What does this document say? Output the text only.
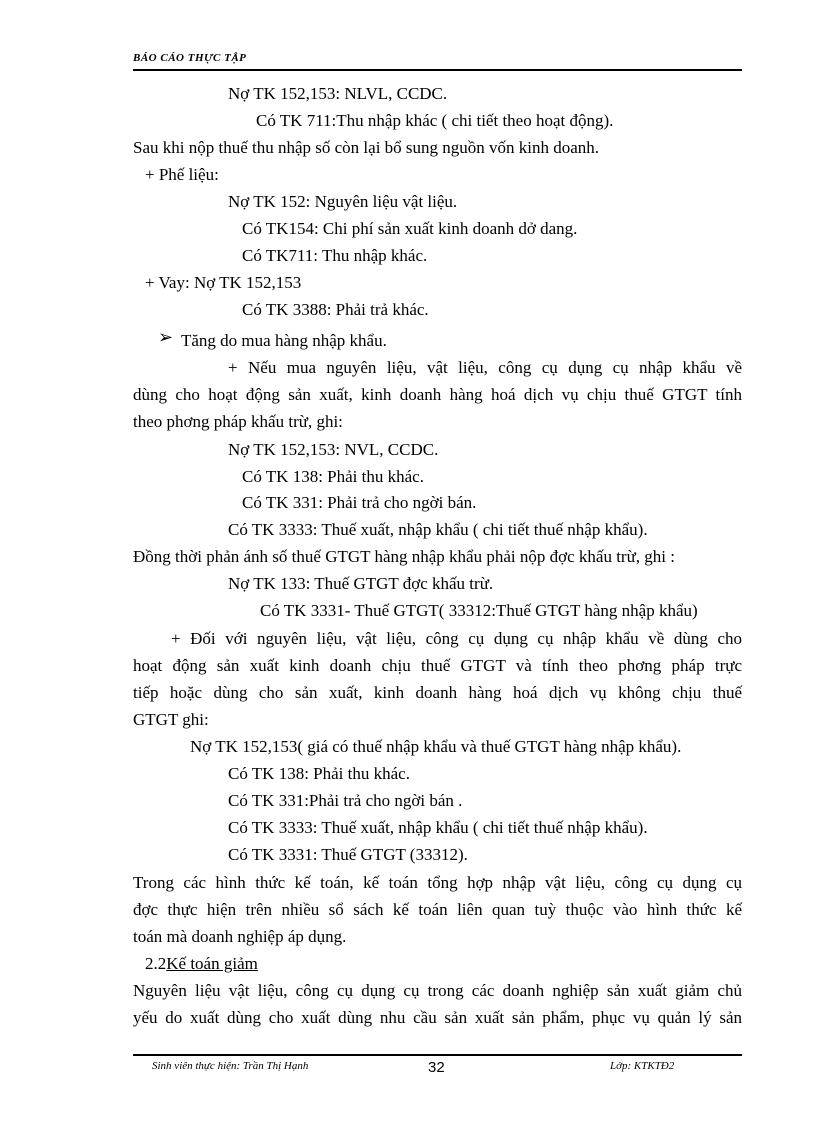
BÁO CÁO THỰC TẬP
Nợ TK 152,153: NLVL, CCDC.
Có TK 711:Thu nhập khác ( chi tiết theo hoạt động).
Sau khi nộp thuế thu nhập số còn lại bổ sung nguồn vốn kinh doanh.
+ Phế liệu:
Nợ TK 152: Nguyên liệu vật liệu.
Có TK154: Chi phí sản xuất kinh doanh dở dang.
Có TK711: Thu nhập khác.
+ Vay: Nợ TK 152,153
Có TK 3388: Phải trả khác.
➢ Tăng do mua hàng nhập khẩu.
+ Nếu mua nguyên liệu, vật liệu, công cụ dụng cụ nhập khẩu về
dùng cho hoạt động sản xuất, kinh doanh hàng hoá dịch vụ chịu thuế GTGT tính
theo phơng pháp khấu trừ, ghi:
Nợ TK 152,153: NVL, CCDC.
Có TK 138: Phải thu khác.
Có TK 331: Phải trả cho ngời bán.
Có TK 3333: Thuế xuất, nhập khẩu ( chi tiết thuế nhập khẩu).
Đồng thời phản ánh số thuế GTGT hàng nhập khẩu phải nộp đợc khấu trừ, ghi :
Nợ TK 133: Thuế GTGT đợc khấu trừ.
Có TK 3331- Thuế GTGT( 33312:Thuế GTGT hàng nhập khẩu)
+ Đối với nguyên liệu, vật liệu, công cụ dụng cụ nhập khẩu về dùng cho
hoạt động sản xuất kinh doanh chịu thuế GTGT và tính theo phơng pháp trực
tiếp hoặc dùng cho sản xuất, kinh doanh hàng hoá dịch vụ không chịu thuế
GTGT ghi:
Nợ TK 152,153( giá có thuế nhập khẩu và thuế GTGT hàng nhập khẩu).
Có TK 138: Phải thu khác.
Có TK 331:Phải trả cho ngời bán .
Có TK 3333: Thuế xuất, nhập khẩu ( chi tiết thuế nhập khẩu).
Có TK 3331: Thuế GTGT (33312).
Trong các hình thức kế toán, kế toán tổng hợp nhập vật liệu, công cụ dụng cụ
đợc thực hiện trên nhiều sổ sách kế toán liên quan tuỳ thuộc vào hình thức kế
toán mà doanh nghiệp áp dụng.
2.2Kế toán giảm
Nguyên liệu vật liệu, công cụ dụng cụ trong các doanh nghiệp sản xuất giảm chủ
yếu do xuất dùng cho xuất dùng nhu cầu sản xuất sản phẩm, phục vụ quản lý sản
Sinh viên thực hiện: Trần Thị Hạnh	32	Lớp: KTKTĐ2
